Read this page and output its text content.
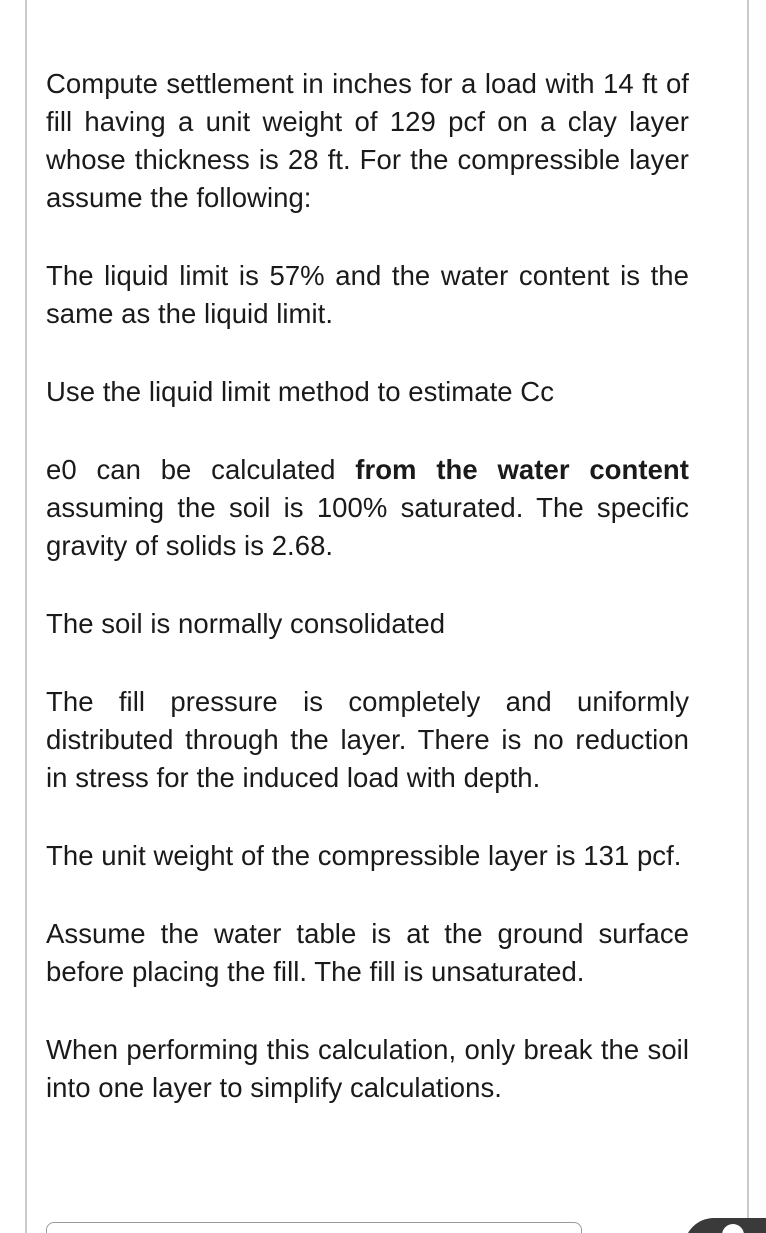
Compute settlement in inches for a load with 14 ft of fill having a unit weight of 129 pcf on a clay layer whose thickness is 28 ft. For the compressible layer assume the following:

The liquid limit is 57% and the water content is the same as the liquid limit.

Use the liquid limit method to estimate Cc

e0 can be calculated from the water content assuming the soil is 100% saturated. The specific gravity of solids is 2.68.

The soil is normally consolidated

The fill pressure is completely and uniformly distributed through the layer. There is no reduction in stress for the induced load with depth.

The unit weight of the compressible layer is 131 pcf.

Assume the water table is at the ground surface before placing the fill. The fill is unsaturated.

When performing this calculation, only break the soil into one layer to simplify calculations.
